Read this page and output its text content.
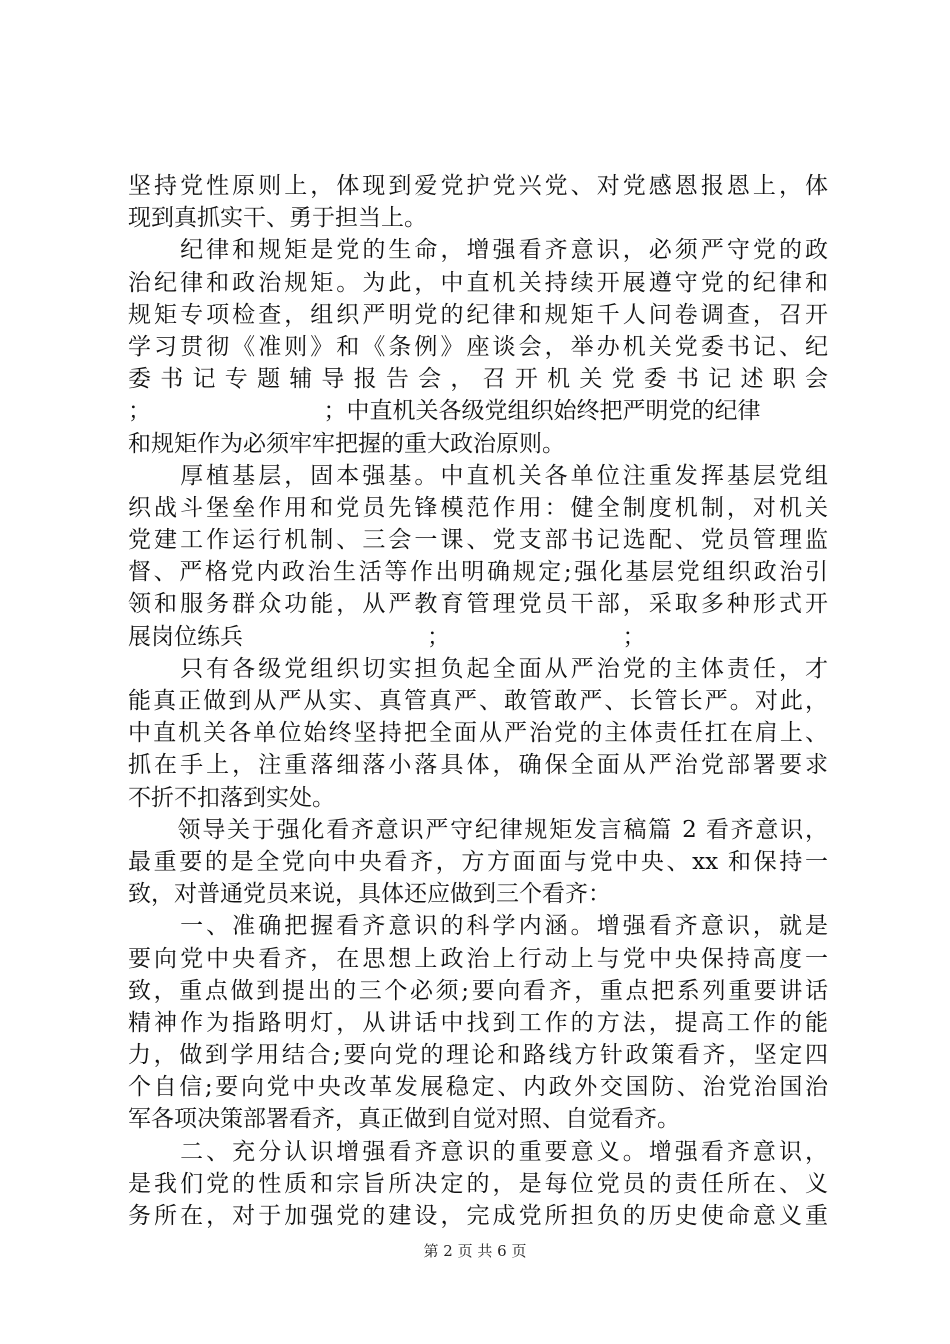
坚持党性原则上，体现到爱党护党兴党、对党感恩报恩上，体
现到真抓实干、勇于担当上。
　　纪律和规矩是党的生命，增强看齐意识，必须严守党的政
治纪律和政治规矩。为此，中直机关持续开展遵守党的纪律和
规矩专项检查，组织严明党的纪律和规矩千人问卷调查，召开
学习贯彻《准则》和《条例》座谈会，举办机关党委书记、纪
委书记专题辅导报告会，召开机关党委书记述职会
；　　　　　　　　；中直机关各级党组织始终把严明党的纪律
和规矩作为必须牢牢把握的重大政治原则。
　　厚植基层，固本强基。中直机关各单位注重发挥基层党组
织战斗堡垒作用和党员先锋模范作用：健全制度机制，对机关
党建工作运行机制、三会一课、党支部书记选配、党员管理监
督、严格党内政治生活等作出明确规定;强化基层党组织政治引
领和服务群众功能，从严教育管理党员干部，采取多种形式开
展岗位练兵　　　　　　　　；　　　　　　　　；
　　只有各级党组织切实担负起全面从严治党的主体责任，才
能真正做到从严从实、真管真严、敢管敢严、长管长严。对此，
中直机关各单位始终坚持把全面从严治党的主体责任扛在肩上、
抓在手上，注重落细落小落具体，确保全面从严治党部署要求
不折不扣落到实处。
　　领导关于强化看齐意识严守纪律规矩发言稿篇 2 看齐意识，
最重要的是全党向中央看齐，方方面面与党中央、xx 和保持一
致，对普通党员来说，具体还应做到三个看齐：
　　一、准确把握看齐意识的科学内涵。增强看齐意识，就是
要向党中央看齐，在思想上政治上行动上与党中央保持高度一
致，重点做到提出的三个必须;要向看齐，重点把系列重要讲话
精神作为指路明灯，从讲话中找到工作的方法，提高工作的能
力，做到学用结合;要向党的理论和路线方针政策看齐，坚定四
个自信;要向党中央改革发展稳定、内政外交国防、治党治国治
军各项决策部署看齐，真正做到自觉对照、自觉看齐。
　　二、充分认识增强看齐意识的重要意义。增强看齐意识，
是我们党的性质和宗旨所决定的，是每位党员的责任所在、义
务所在，对于加强党的建设，完成党所担负的历史使命意义重
第 2 页 共 6 页
